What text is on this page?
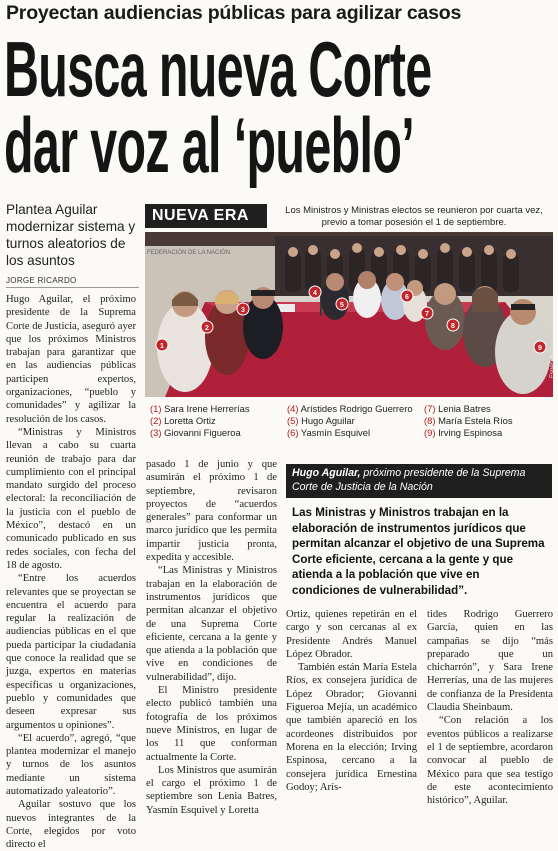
Proyectan audiencias públicas para agilizar casos
Busca nueva Corte
dar voz al ‘pueblo’
Plantea Aguilar modernizar sistema y turnos aleatorios de los asuntos
JORGE RICARDO

Hugo Aguilar, el próximo presidente de la Suprema Corte de Justicia, aseguró ayer que los próximos Ministros trabajan para garantizar que en las audiencias públicas participen expertos, organizaciones, “pueblo y comunidades” y agilizar la resolución de los casos.

“Ministras y Ministros llevan a cabo su cuarta reunión de trabajo para dar cumplimiento con el principal mandato surgido del proceso electoral: la reconciliación de la justicia con el pueblo de México”, destacó en un comunicado publicado en sus redes sociales, con fecha del 18 de agosto.

“Entre los acuerdos relevantes que se proyectan se encuentra el acuerdo para regular la realización de audiencias públicas en el que pueda participar la ciudadanía que conoce la realidad que se juzga, expertos en materias específicas u organizaciones, pueblo y comunidades que deseen expresar sus argumentos u opiniones”.

“El acuerdo”, agregó, “que plantea modernizar el manejo y turnos de los asuntos mediante un sistema automatizado yaleatorio”.

Aguilar sostuvo que los nuevos integrantes de la Corte, elegidos por voto directo el

NUEVA ERA	Los Ministros y Ministras electos se reunieron por cuarta vez, previo a tomar posesión el 1 de septiembre.
FEDERACIÓN DE LA NACIÓN
1
2
3
4
5
6
7
8
9
Especial
(1) Sara Irene Herrerías
(2) Loretta Ortiz
(3) Giovanni Figueroa
(4) Arístides Rodrigo Guerrero
(5) Hugo Aguilar
(6) Yasmín Esquivel
(7) Lenia Batres
(8) María Estela Ríos
(9) Irving Espinosa

pasado 1 de junio y que asumirán el próximo 1 de septiembre, revisaron proyectos de “acuerdos generales” para conformar un marco jurídico que les permita impartir justicia pronta, expedita y accesible.

“Las Ministras y Ministros trabajan en la elaboración de instrumentos jurídicos que permitan alcanzar el objetivo de una Suprema Corte eficiente, cercana a la gente y que atienda a la población que vive en condiciones de vulnerabilidad”, dijo.

El Ministro presidente electo publicó también una fotografía de los próximos nueve Ministros, en lugar de los 11 que conforman actualmente la Corte.

Los Ministros que asumirán el cargo el próximo 1 de septiembre son Lenia Batres, Yasmín Esquivel y Loretta

Hugo Aguilar, próximo presidente de la Suprema Corte de Justicia de la Nación
Las Ministras y Ministros trabajan en la elaboración de instrumentos jurídicos que permitan alcanzar el objetivo de una Suprema Corte eficiente, cercana a la gente y que atienda a la población que vive en condiciones de vulnerabilidad”.

Ortiz, quienes repetirán en el cargo y son cercanas al ex Presidente Andrés Manuel López Obrador.

También están María Estela Ríos, ex consejera jurídica de López Obrador; Giovanni Figueroa Mejía, un académico que también apareció en los acordeones distribuidos por Morena en la elección; Irving Espinosa, cercano a la consejera jurídica Ernestina Godoy; Arís-

tides Rodrigo Guerrero García, quien en las campañas se dijo “más preparado que un chicharrón”, y Sara Irene Herrerías, una de las mujeres de confianza de la Presidenta Claudia Sheinbaum.

“Con relación a los eventos públicos a realizarse el 1 de septiembre, acordaron convocar al pueblo de México para que sea testigo de este acontecimiento histórico”, Aguilar.
